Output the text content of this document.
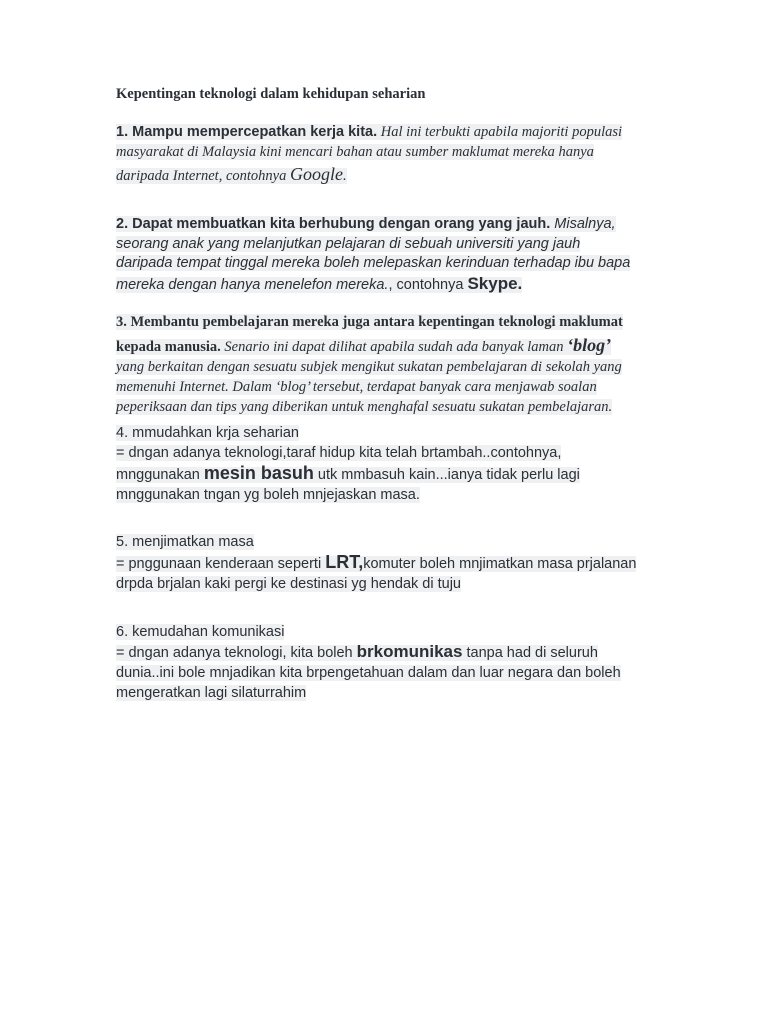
Kepentingan teknologi dalam kehidupan seharian
1. Mampu mempercepatkan kerja kita. Hal ini terbukti apabila majoriti populasi
masyarakat di Malaysia kini mencari bahan atau sumber maklumat mereka hanya
daripada Internet, contohnya Google.
2. Dapat membuatkan kita berhubung dengan orang yang jauh. Misalnya,
seorang anak yang melanjutkan pelajaran di sebuah universiti yang jauh
daripada tempat tinggal mereka boleh melepaskan kerinduan terhadap ibu bapa
mereka dengan hanya menelefon mereka., contohnya Skype.
3. Membantu pembelajaran mereka juga antara kepentingan teknologi maklumat
kepada manusia. Senario ini dapat dilihat apabila sudah ada banyak laman ‘blog’
yang berkaitan dengan sesuatu subjek mengikut sukatan pembelajaran di sekolah yang
memenuhi Internet. Dalam ‘blog’ tersebut, terdapat banyak cara menjawab soalan
peperiksaan dan tips yang diberikan untuk menghafal sesuatu sukatan pembelajaran.
4. mmudahkan krja seharian
= dngan adanya teknologi,taraf hidup kita telah brtambah..contohnya,
mnggunakan mesin basuh utk mmbasuh kain...ianya tidak perlu lagi
mnggunakan tngan yg boleh mnjejaskan masa.
5. menjimatkan masa
= pnggunaan kenderaan seperti LRT,komuter boleh mnjimatkan masa prjalanan
drpda brjalan kaki pergi ke destinasi yg hendak di tuju
6. kemudahan komunikasi
= dngan adanya teknologi, kita boleh brkomunikas tanpa had di seluruh
dunia..ini bole mnjadikan kita brpengetahuan dalam dan luar negara dan boleh
mengeratkan lagi silaturrahim
